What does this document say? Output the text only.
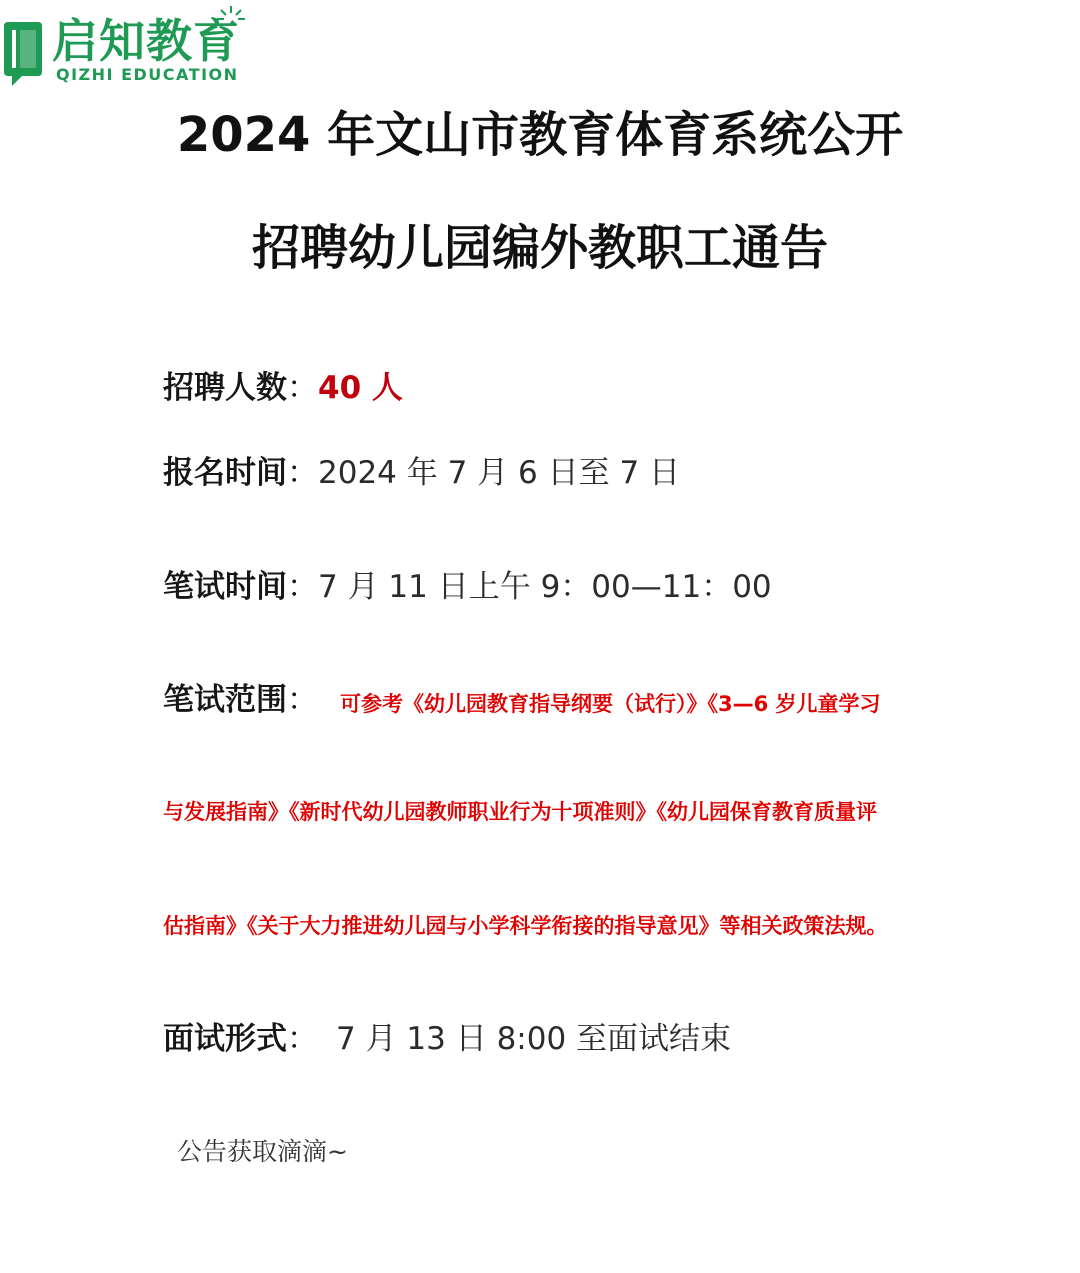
启知教育
QIZHI EDUCATION
2024 年文山市教育体育系统公开
招聘幼儿园编外教职工通告
招聘人数：40 人
报名时间：2024 年 7 月 6 日至 7 日
笔试时间：7 月 11 日上午 9：00—11：00
笔试范围： 可参考《幼儿园教育指导纲要（试行）》《3—6 岁儿童学习
与发展指南》《新时代幼儿园教师职业行为十项准则》《幼儿园保育教育质量评
估指南》《关于大力推进幼儿园与小学科学衔接的指导意见》等相关政策法规。
面试形式： 7 月 13 日 8:00 至面试结束
公告获取滴滴~
